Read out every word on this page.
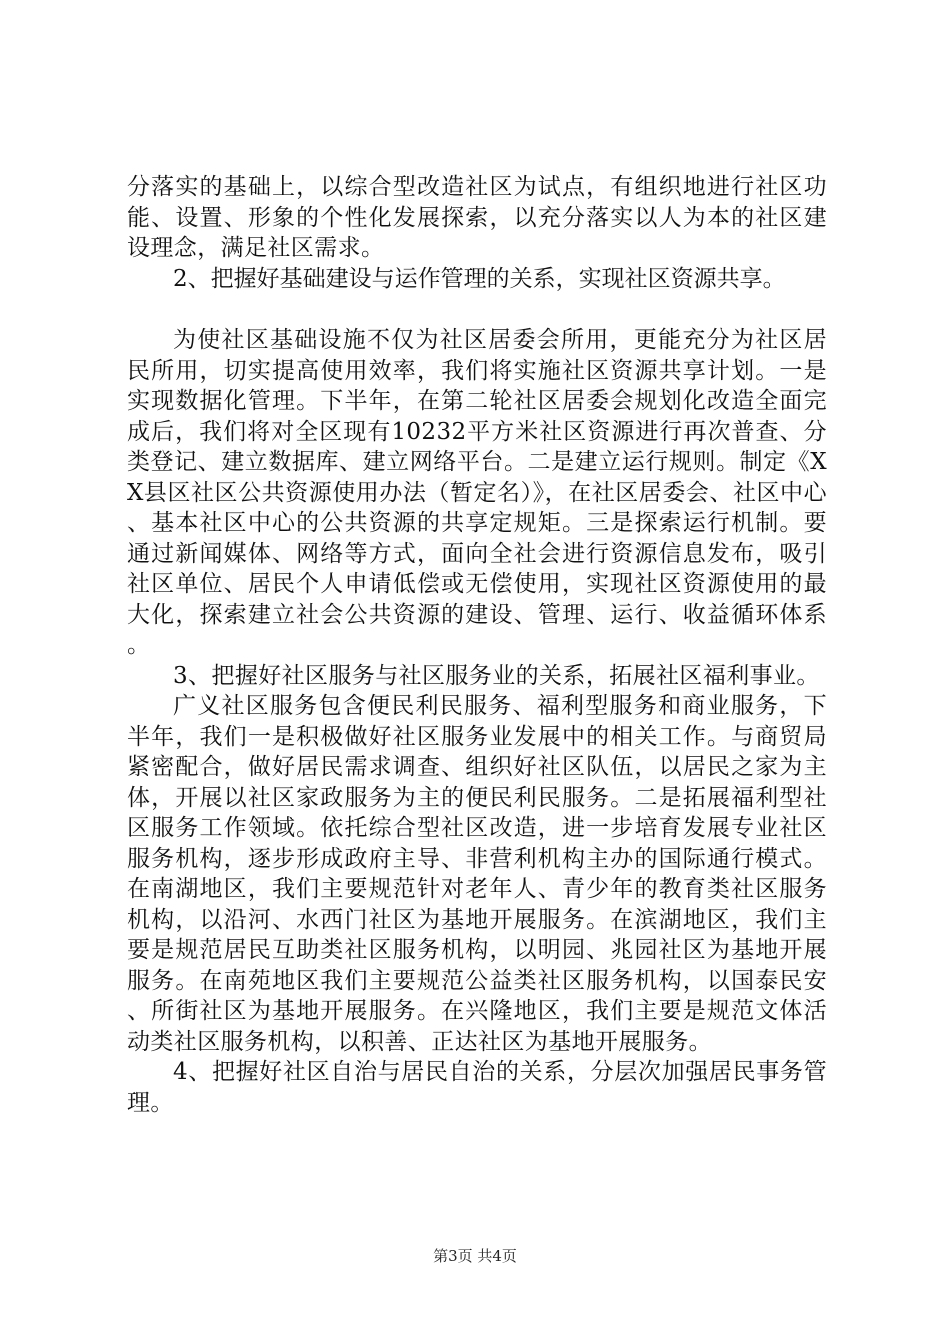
分落实的基础上，以综合型改造社区为试点，有组织地进行社区功能、设置、形象的个性化发展探索，以充分落实以人为本的社区建设理念，满足社区需求。

2、把握好基础建设与运作管理的关系，实现社区资源共享。

为使社区基础设施不仅为社区居委会所用，更能充分为社区居民所用，切实提高使用效率，我们将实施社区资源共享计划。一是实现数据化管理。下半年，在第二轮社区居委会规划化改造全面完成后，我们将对全区现有10232平方米社区资源进行再次普查、分类登记、建立数据库、建立网络平台。二是建立运行规则。制定《XX县区社区公共资源使用办法（暂定名）》，在社区居委会、社区中心、基本社区中心的公共资源的共享定规矩。三是探索运行机制。要通过新闻媒体、网络等方式，面向全社会进行资源信息发布，吸引社区单位、居民个人申请低偿或无偿使用，实现社区资源使用的最大化，探索建立社会公共资源的建设、管理、运行、收益循环体系。

3、把握好社区服务与社区服务业的关系，拓展社区福利事业。

广义社区服务包含便民利民服务、福利型服务和商业服务，下半年，我们一是积极做好社区服务业发展中的相关工作。与商贸局紧密配合，做好居民需求调查、组织好社区队伍，以居民之家为主体，开展以社区家政服务为主的便民利民服务。二是拓展福利型社区服务工作领域。依托综合型社区改造，进一步培育发展专业社区服务机构，逐步形成政府主导、非营利机构主办的国际通行模式。在南湖地区，我们主要规范针对老年人、青少年的教育类社区服务机构，以沿河、水西门社区为基地开展服务。在滨湖地区，我们主要是规范居民互助类社区服务机构，以明园、兆园社区为基地开展服务。在南苑地区我们主要规范公益类社区服务机构，以国泰民安、所街社区为基地开展服务。在兴隆地区，我们主要是规范文体活动类社区服务机构，以积善、正达社区为基地开展服务。

4、把握好社区自治与居民自治的关系，分层次加强居民事务管理。

第3页 共4页
